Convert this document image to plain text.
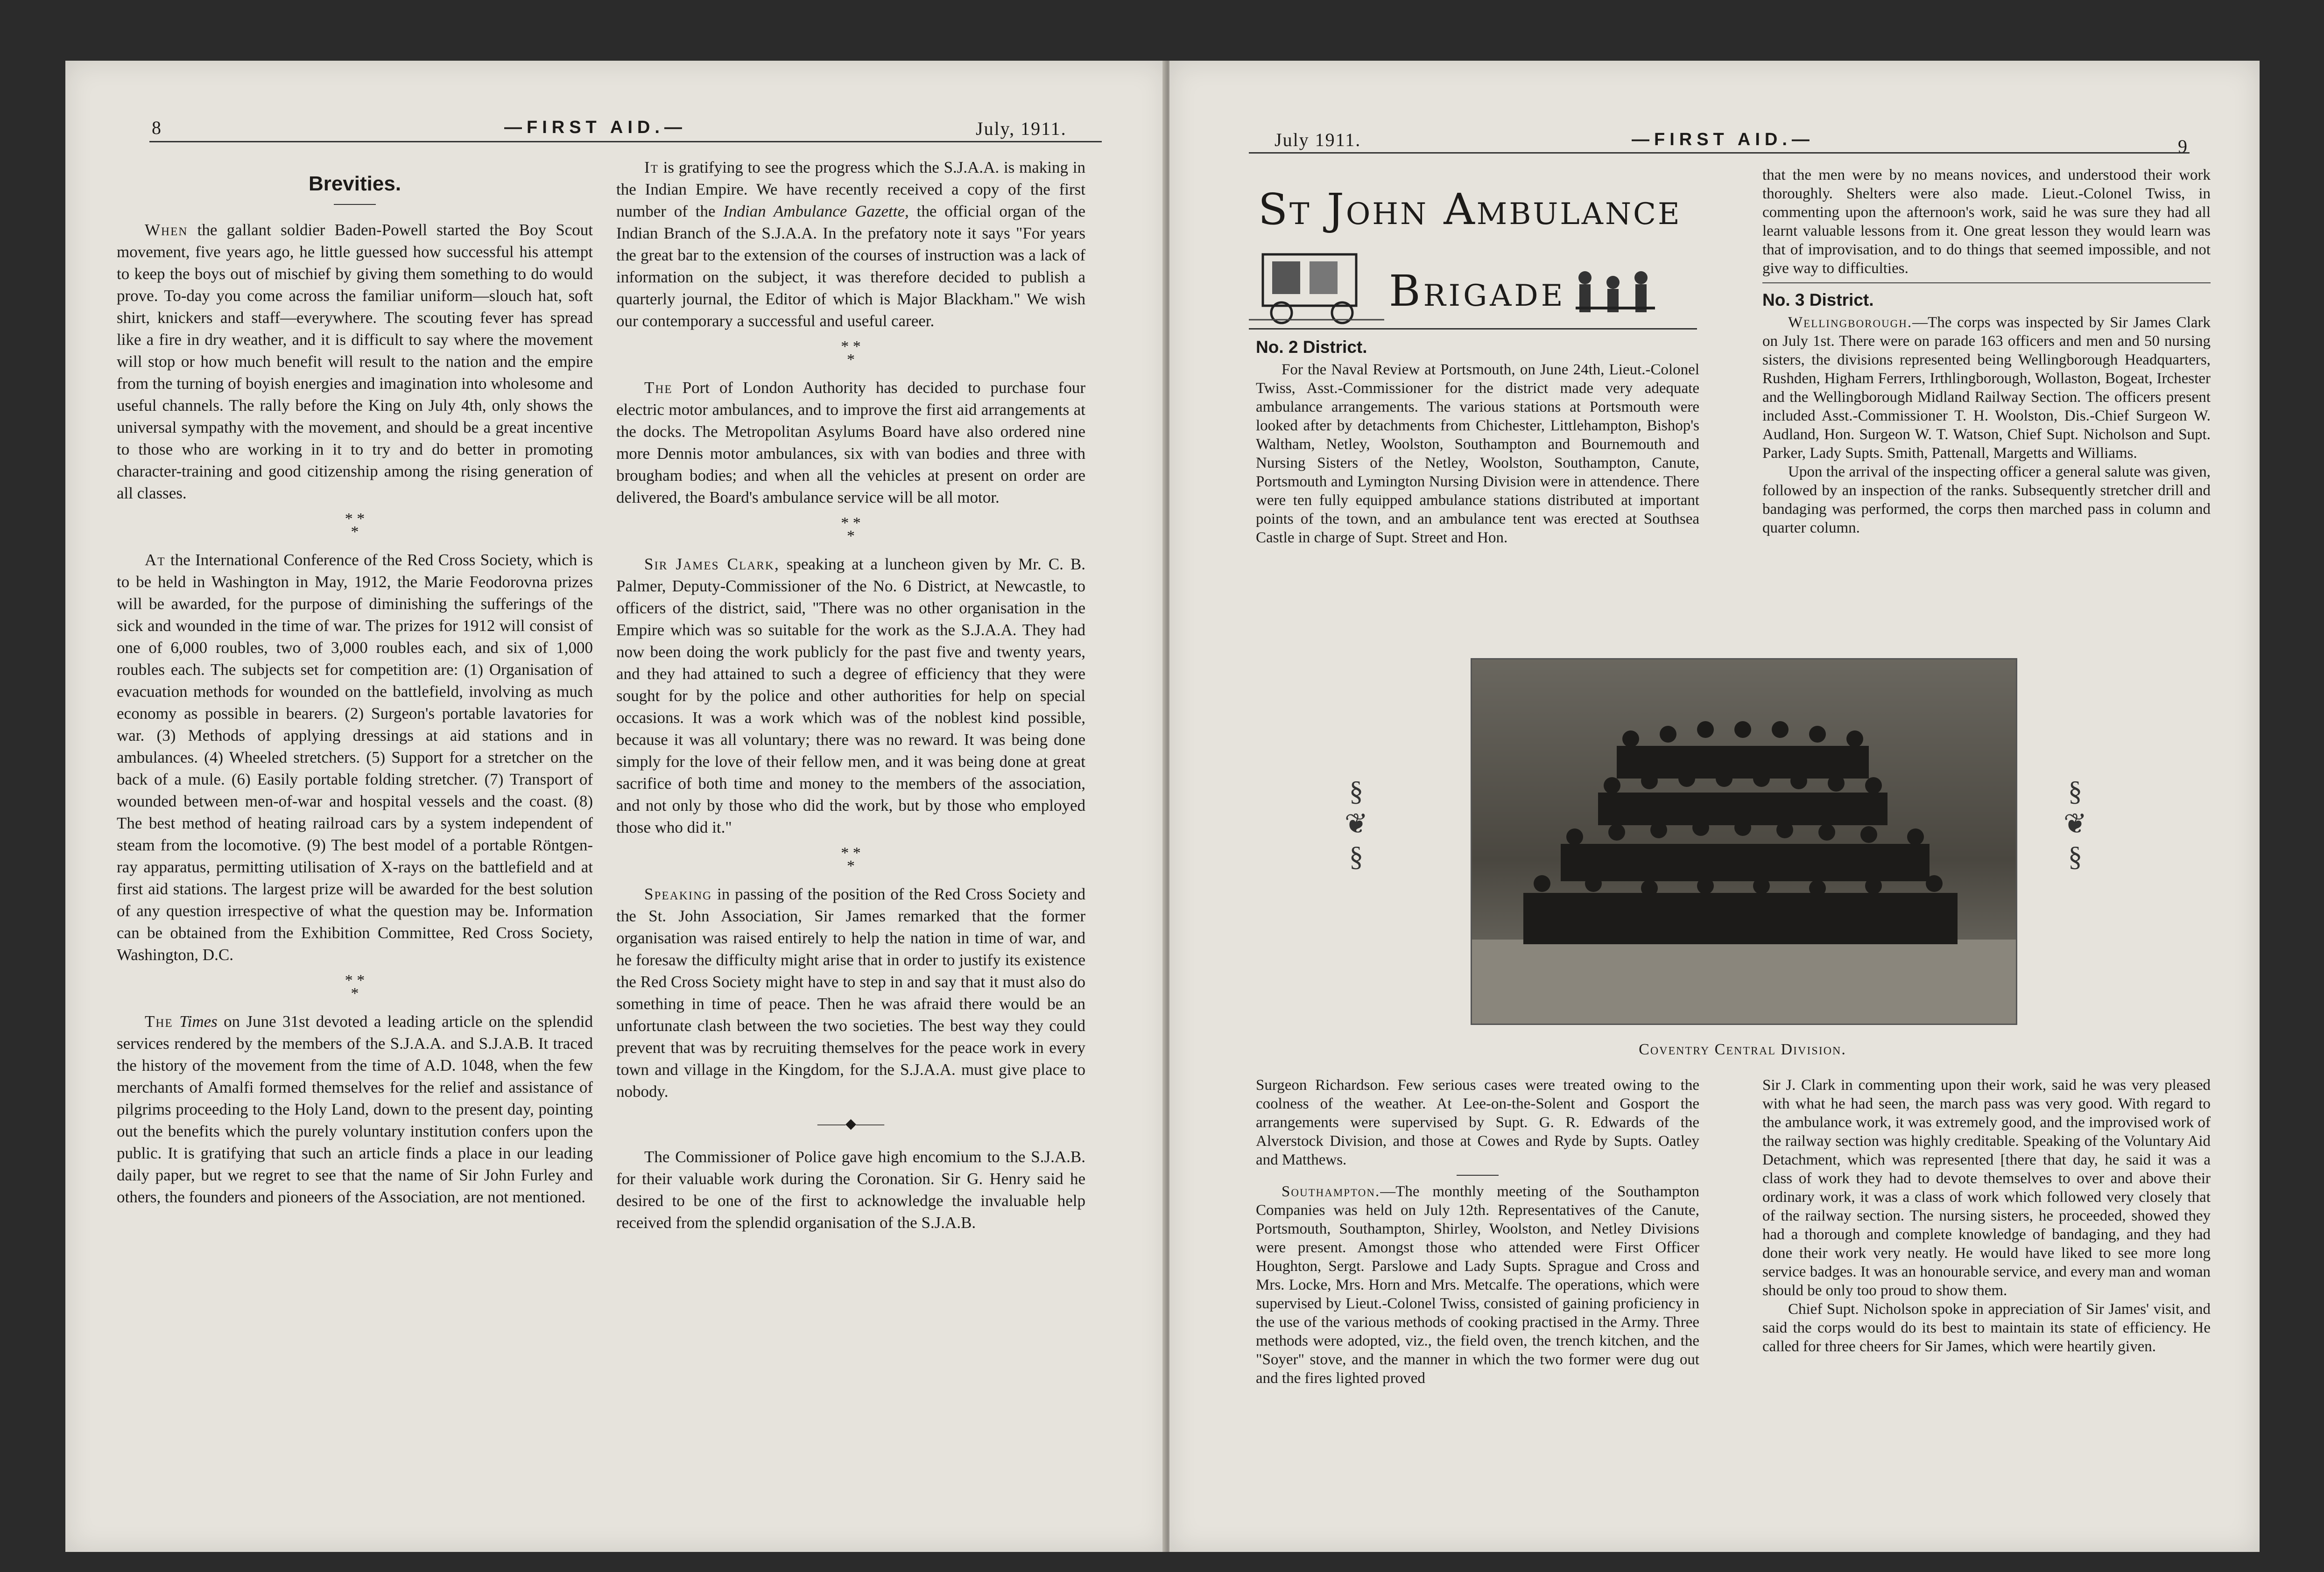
8	—FIRST AID.—	July, 1911.
Brevities.

When the gallant soldier Baden-Powell started the Boy Scout movement, five years ago, he little guessed how successful his attempt to keep the boys out of mischief by giving them something to do would prove. To-day you come across the familiar uniform—slouch hat, soft shirt, knickers and staff—everywhere. The scouting fever has spread like a fire in dry weather, and it is difficult to say where the movement will stop or how much benefit will result to the nation and the empire from the turning of boyish energies and imagination into wholesome and useful channels. The rally before the King on July 4th, only shows the universal sympathy with the movement, and should be a great incentive to those who are working in it to try and do better in promoting character-training and good citizenship among the rising generation of all classes.

* *
*

At the International Conference of the Red Cross Society, which is to be held in Washington in May, 1912, the Marie Feodorovna prizes will be awarded, for the purpose of diminishing the sufferings of the sick and wounded in the time of war. The prizes for 1912 will consist of one of 6,000 roubles, two of 3,000 roubles each, and six of 1,000 roubles each. The subjects set for competition are: (1) Organisation of evacuation methods for wounded on the battlefield, involving as much economy as possible in bearers. (2) Surgeon's portable lavatories for war. (3) Methods of applying dressings at aid stations and in ambulances. (4) Wheeled stretchers. (5) Support for a stretcher on the back of a mule. (6) Easily portable folding stretcher. (7) Transport of wounded between men-of-war and hospital vessels and the coast. (8) The best method of heating railroad cars by a system independent of steam from the locomotive. (9) The best model of a portable Röntgen-ray apparatus, permitting utilisation of X-rays on the battlefield and at first aid stations. The largest prize will be awarded for the best solution of any question irrespective of what the question may be. Information can be obtained from the Exhibition Committee, Red Cross Society, Washington, D.C.

* *
*

The Times on June 31st devoted a leading article on the splendid services rendered by the members of the S.J.A.A. and S.J.A.B. It traced the history of the movement from the time of A.D. 1048, when the few merchants of Amalfi formed themselves for the relief and assistance of pilgrims proceeding to the Holy Land, down to the present day, pointing out the benefits which the purely voluntary institution confers upon the public. It is gratifying that such an article finds a place in our leading daily paper, but we regret to see that the name of Sir John Furley and others, the founders and pioneers of the Association, are not mentioned.

It is gratifying to see the progress which the S.J.A.A. is making in the Indian Empire. We have recently received a copy of the first number of the Indian Ambulance Gazette, the official organ of the Indian Branch of the S.J.A.A. In the prefatory note it says "For years the great bar to the extension of the courses of instruction was a lack of information on the subject, it was therefore decided to publish a quarterly journal, the Editor of which is Major Blackham." We wish our contemporary a successful and useful career.

* *
*

The Port of London Authority has decided to purchase four electric motor ambulances, and to improve the first aid arrangements at the docks. The Metropolitan Asylums Board have also ordered nine more Dennis motor ambulances, six with van bodies and three with brougham bodies; and when all the vehicles at present on order are delivered, the Board's ambulance service will be all motor.

* *
*

Sir James Clark, speaking at a luncheon given by Mr. C. B. Palmer, Deputy-Commissioner of the No. 6 District, at Newcastle, to officers of the district, said, "There was no other organisation in the Empire which was so suitable for the work as the S.J.A.A. They had now been doing the work publicly for the past five and twenty years, and they had attained to such a degree of efficiency that they were sought for by the police and other authorities for help on special occasions. It was a work which was of the noblest kind possible, because it was all voluntary; there was no reward. It was being done simply for the love of their fellow men, and it was being done at great sacrifice of both time and money to the members of the association, and not only by those who did the work, but by those who employed those who did it."

* *
*

Speaking in passing of the position of the Red Cross Society and the St. John Association, Sir James remarked that the former organisation was raised entirely to help the nation in time of war, and he foresaw the difficulty might arise that in order to justify its existence the Red Cross Society might have to step in and say that it must also do something in time of peace. Then he was afraid there would be an unfortunate clash between the two societies. The best way they could prevent that was by recruiting themselves for the peace work in every town and village in the Kingdom, for the S.J.A.A. must give place to nobody.

——◆——

The Commissioner of Police gave high encomium to the S.J.A.B. for their valuable work during the Coronation. Sir G. Henry said he desired to be one of the first to acknowledge the invaluable help received from the splendid organisation of the S.J.A.B.

July 1911.	—FIRST AID.—	9
St John Ambulance
Brigade
No. 2 District.

For the Naval Review at Portsmouth, on June 24th, Lieut.-Colonel Twiss, Asst.-Commissioner for the district made very adequate ambulance arrangements. The various stations at Portsmouth were looked after by detachments from Chichester, Littlehampton, Bishop's Waltham, Netley, Woolston, Southampton and Bournemouth and Nursing Sisters of the Netley, Woolston, Southampton, Canute, Portsmouth and Lymington Nursing Division were in attendence. There were ten fully equipped ambulance stations distributed at important points of the town, and an ambulance tent was erected at Southsea Castle in charge of Supt. Street and Hon.

that the men were by no means novices, and understood their work thoroughly. Shelters were also made. Lieut.-Colonel Twiss, in commenting upon the afternoon's work, said he was sure they had all learnt valuable lessons from it. One great lesson they would learn was that of improvisation, and to do things that seemed impossible, and not give way to difficulties.

No. 3 District.

Wellingborough.—The corps was inspected by Sir James Clark on July 1st. There were on parade 163 officers and men and 50 nursing sisters, the divisions represented being Wellingborough Headquarters, Rushden, Higham Ferrers, Irthlingborough, Wollaston, Bogeat, Irchester and the Wellingborough Midland Railway Section. The officers present included Asst.-Commissioner T. H. Woolston, Dis.-Chief Surgeon W. Audland, Hon. Surgeon W. T. Watson, Chief Supt. Nicholson and Supt. Parker, Lady Supts. Smith, Pattenall, Margetts and Williams.

Upon the arrival of the inspecting officer a general salute was given, followed by an inspection of the ranks. Subsequently stretcher drill and bandaging was performed, the corps then marched pass in column and quarter column.

§
❦
§
§
❦
§
Coventry Central Division.

Surgeon Richardson. Few serious cases were treated owing to the coolness of the weather. At Lee-on-the-Solent and Gosport the arrangements were supervised by Supt. G. R. Edwards of the Alverstock Division, and those at Cowes and Ryde by Supts. Oatley and Matthews.

Southampton.—The monthly meeting of the Southampton Companies was held on July 12th. Representatives of the Canute, Portsmouth, Southampton, Shirley, Woolston, and Netley Divisions were present. Amongst those who attended were First Officer Houghton, Sergt. Parslowe and Lady Supts. Sprague and Cross and Mrs. Locke, Mrs. Horn and Mrs. Metcalfe. The operations, which were supervised by Lieut.-Colonel Twiss, consisted of gaining proficiency in the use of the various methods of cooking practised in the Army. Three methods were adopted, viz., the field oven, the trench kitchen, and the "Soyer" stove, and the manner in which the two former were dug out and the fires lighted proved

Sir J. Clark in commenting upon their work, said he was very pleased with what he had seen, the march pass was very good. With regard to the ambulance work, it was extremely good, and the improvised work of the railway section was highly creditable. Speaking of the Voluntary Aid Detachment, which was represented [there that day, he said it was a class of work they had to devote themselves to over and above their ordinary work, it was a class of work which followed very closely that of the railway section. The nursing sisters, he proceeded, showed they had a thorough and complete knowledge of bandaging, and they had done their work very neatly. He would have liked to see more long service badges. It was an honourable service, and every man and woman should be only too proud to show them.

Chief Supt. Nicholson spoke in appreciation of Sir James' visit, and said the corps would do its best to maintain its state of efficiency. He called for three cheers for Sir James, which were heartily given.
